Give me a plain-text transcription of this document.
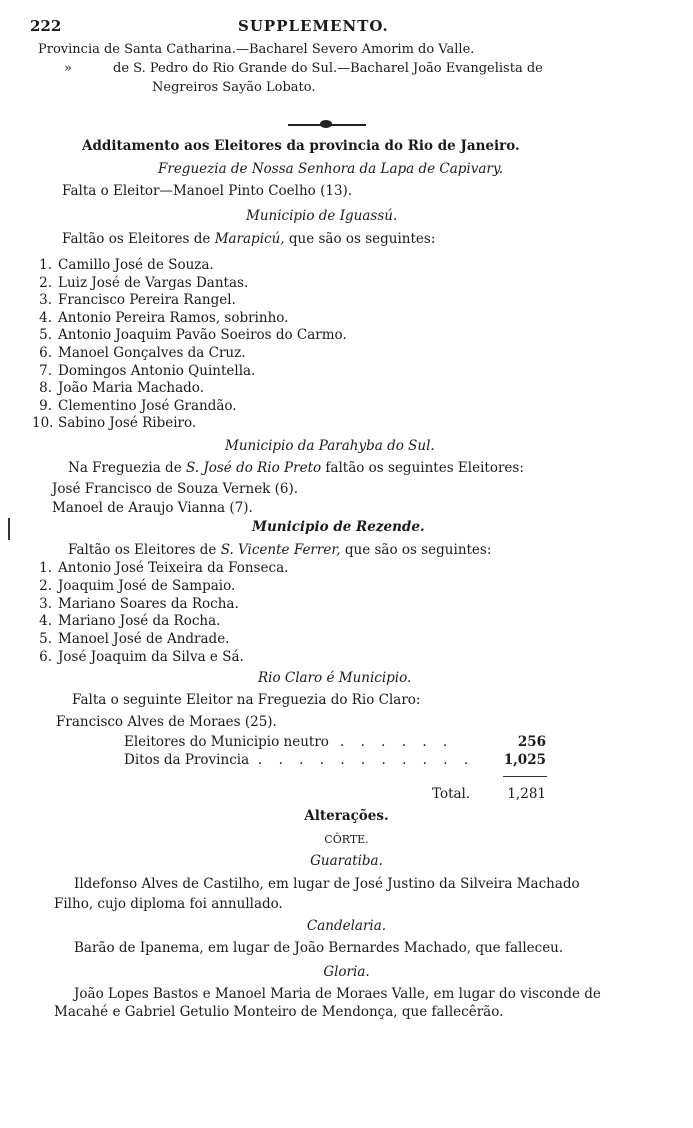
222	SUPPLEMENTO.
Provincia de Santa Catharina.—Bacharel Severo Amorim do Valle.
»	de S. Pedro do Rio Grande do Sul.—Bacharel João Evangelista de
Negreiros Sayão Lobato.
Additamento aos Eleitores da provincia do Rio de Janeiro.
Freguezia de Nossa Senhora da Lapa de Capivary.
Falta o Eleitor—Manoel Pinto Coelho (13).
Municipio de Iguassú.
Faltão os Eleitores de Marapicú, que são os seguintes:
1. Camillo José de Souza.
2. Luiz José de Vargas Dantas.
3. Francisco Pereira Rangel.
4. Antonio Pereira Ramos, sobrinho.
5. Antonio Joaquim Pavão Soeiros do Carmo.
6. Manoel Gonçalves da Cruz.
7. Domingos Antonio Quintella.
8. João Maria Machado.
9. Clementino José Grandão.
10. Sabino José Ribeiro.
Municipio da Parahyba do Sul.
Na Freguezia de S. José do Rio Preto faltão os seguintes Eleitores:
José Francisco de Souza Vernek (6).
Manoel de Araujo Vianna (7).
Municipio de Rezende.
Faltão os Eleitores de S. Vicente Ferrer, que são os seguintes:
1. Antonio José Teixeira da Fonseca.
2. Joaquim José de Sampaio.
3. Mariano Soares da Rocha.
4. Mariano José da Rocha.
5. Manoel José de Andrade.
6. José Joaquim da Silva e Sá.
Rio Claro é Municipio.
Falta o seguinte Eleitor na Freguezia do Rio Claro:
Francisco Alves de Moraes (25).
Eleitores do Municipio neutro . . . . . .	256
Ditos da Provincia . . . . . . . . . . .	1,025
Total.	1,281
Alterações.
CÔRTE.
Guaratiba.
Ildefonso Alves de Castilho, em lugar de José Justino da Silveira Machado
Filho, cujo diploma foi annullado.
Candelaria.
Barão de Ipanema, em lugar de João Bernardes Machado, que falleceu.
Gloria.
João Lopes Bastos e Manoel Maria de Moraes Valle, em lugar do visconde de
Macahé e Gabriel Getulio Monteiro de Mendonça, que fallecêrão.
